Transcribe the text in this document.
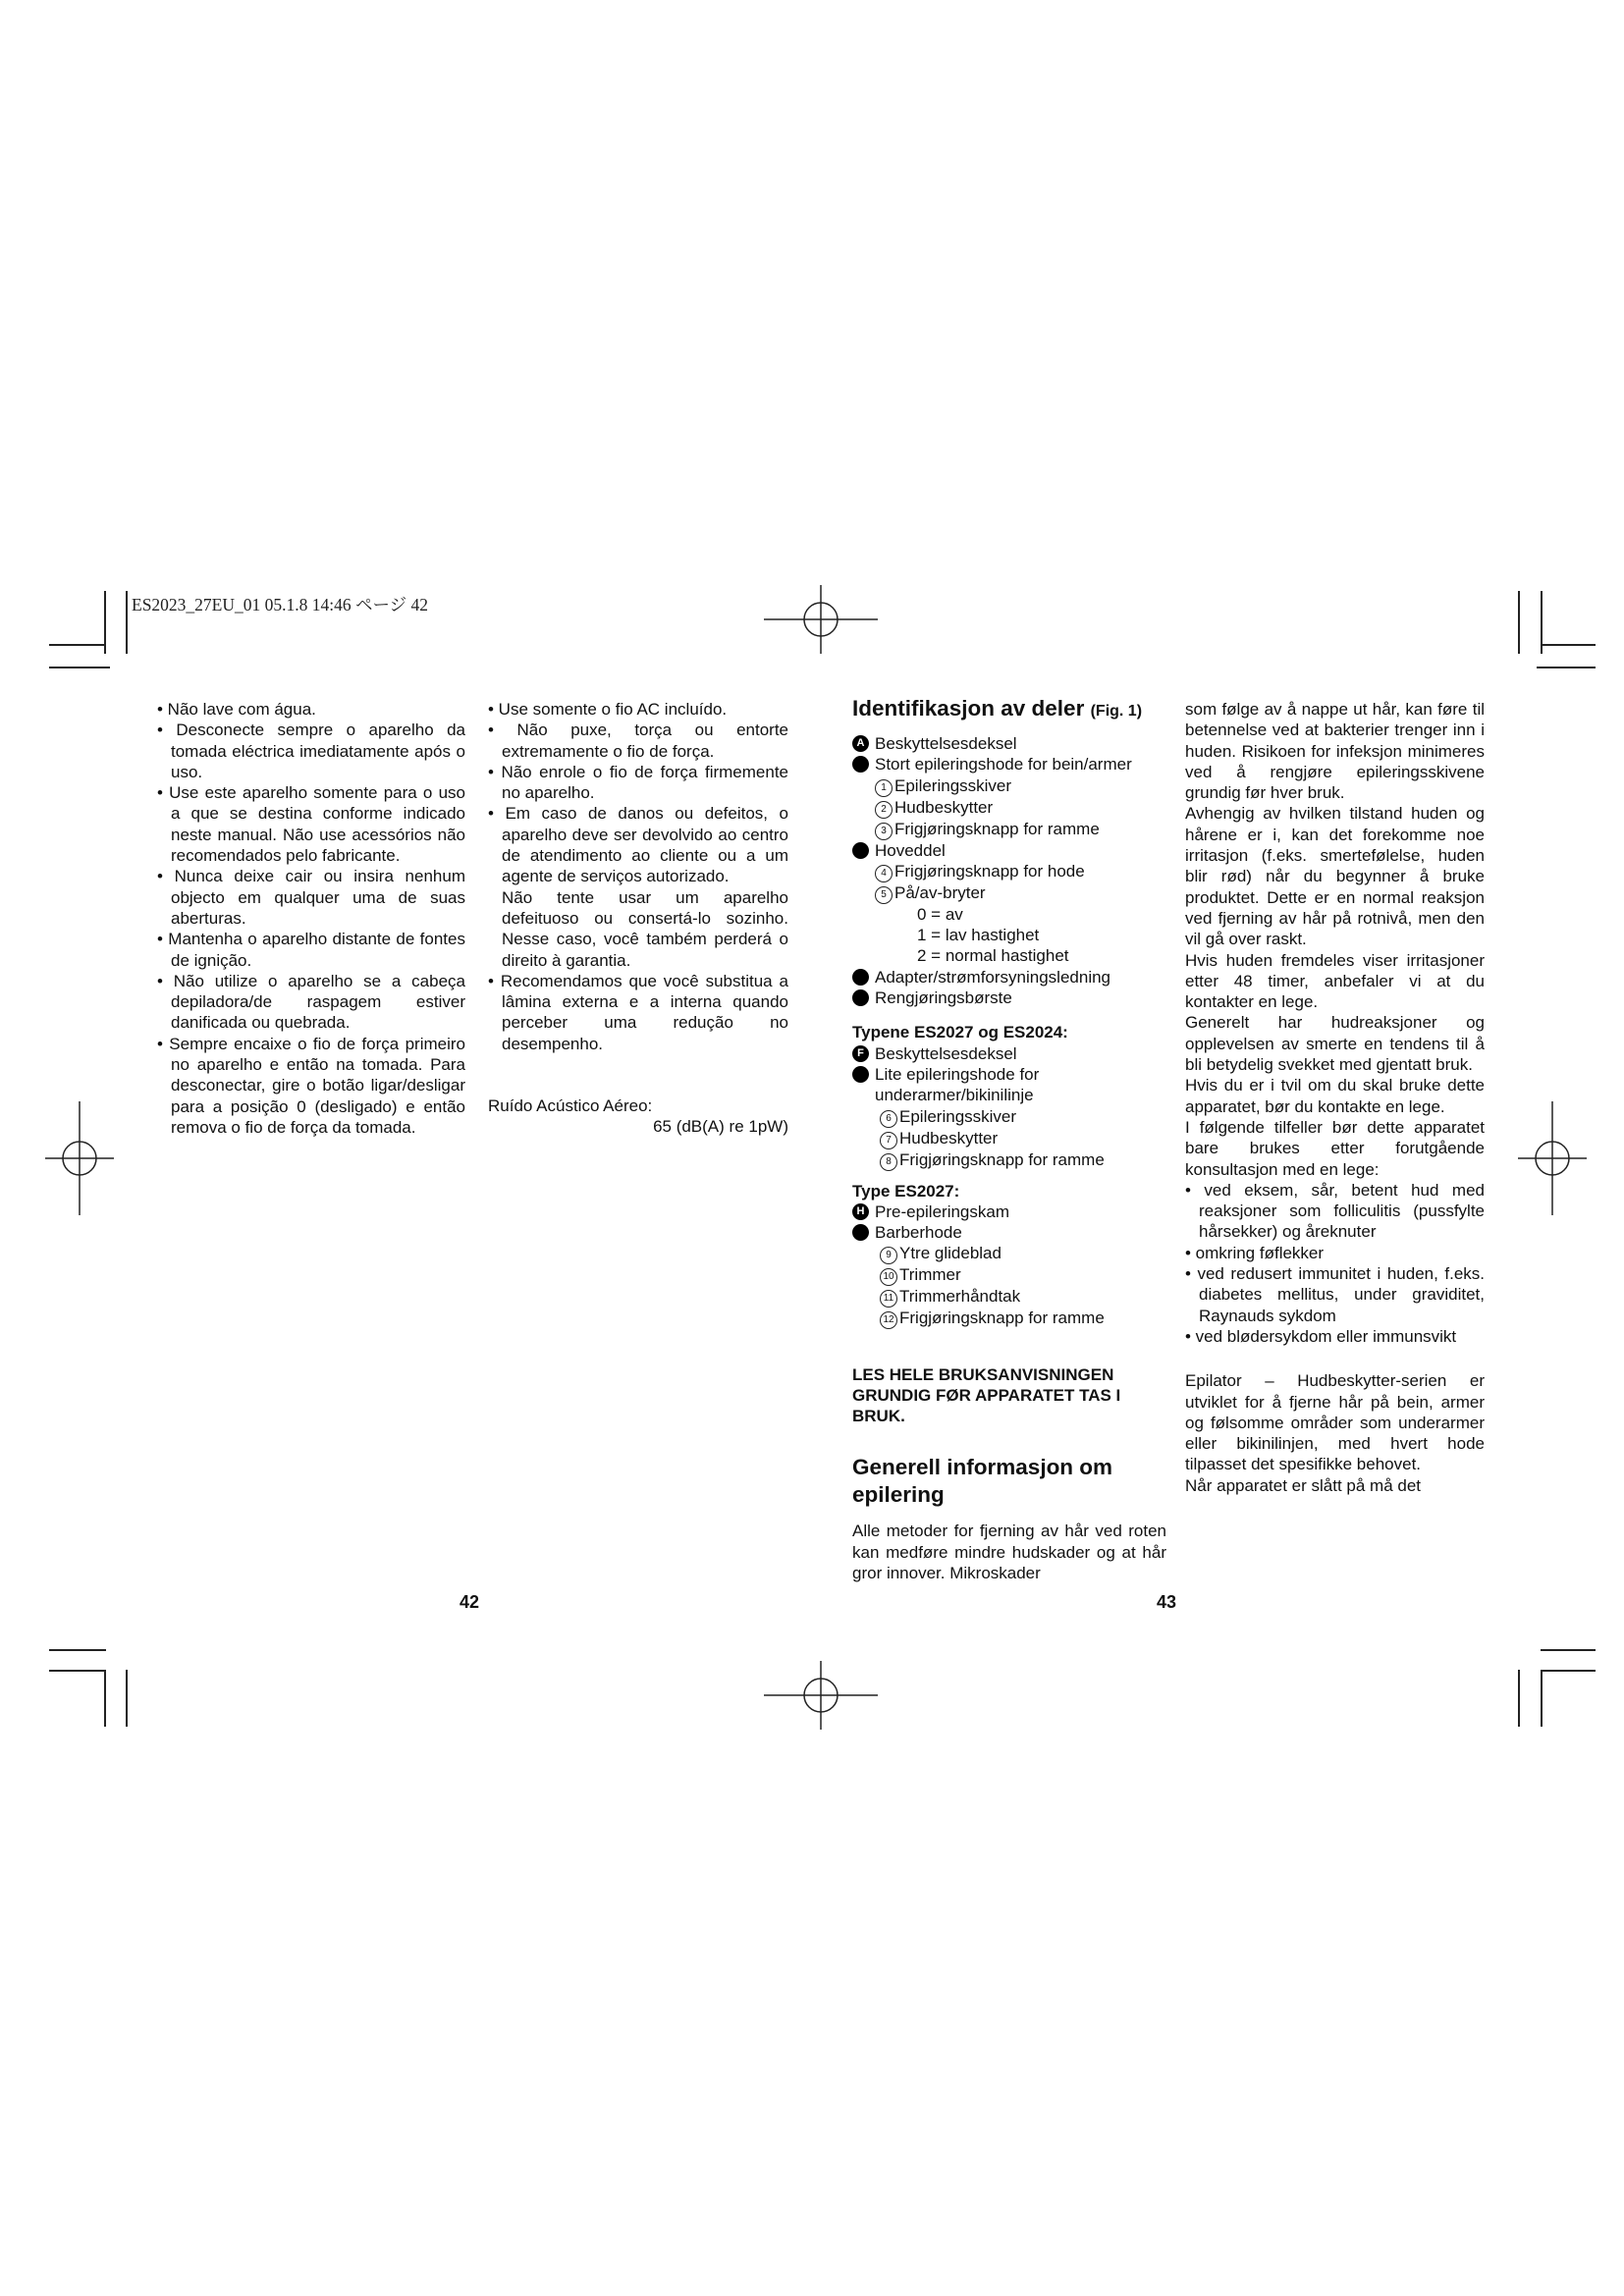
ES2023_27EU_01 05.1.8 14:46 ページ 42

• Não lave com água.

• Desconecte sempre o aparelho da tomada eléctrica imediatamente após o uso.

• Use este aparelho somente para o uso a que se destina conforme indicado neste manual. Não use acessórios não recomendados pelo fabricante.

• Nunca deixe cair ou insira nenhum objecto em qualquer uma de suas aberturas.

• Mantenha o aparelho distante de fontes de ignição.

• Não utilize o aparelho se a cabeça depiladora/de raspagem estiver danificada ou quebrada.

• Sempre encaixe o fio de força primeiro no aparelho e então na tomada. Para desconectar, gire o botão ligar/desligar para a posição 0 (desligado) e então remova o fio de força da tomada.

• Use somente o fio AC incluído.

• Não puxe, torça ou entorte extremamente o fio de força.

• Não enrole o fio de força firmemente no aparelho.

• Em caso de danos ou defeitos, o aparelho deve ser devolvido ao centro de atendimento ao cliente ou a um agente de serviços autorizado.

Não tente usar um aparelho defeituoso ou consertá-lo sozinho. Nesse caso, você também perderá o direito à garantia.

• Recomendamos que você substitua a lâmina externa e a interna quando perceber uma redução no desempenho.

Ruído Acústico Aéreo:

65 (dB(A) re 1pW)

42

Identifikasjon av deler (Fig. 1)

A Beskyttelsesdeksel
Stort epileringshode for bein/armer

1 Epileringsskiver

2 Hudbeskytter

3 Frigjøringsknapp for ramme

Hoveddel

4 Frigjøringsknapp for hode

5 På/av-bryter

0 = av

1 = lav hastighet

2 = normal hastighet

Adapter/strømforsyningsledning
Rengjøringsbørste

Typene ES2027 og ES2024:

F Beskyttelsesdeksel
Lite epileringshode for underarmer/bikinilinje

6 Epileringsskiver

7 Hudbeskytter

8 Frigjøringsknapp for ramme

Type ES2027:

H Pre-epileringskam
Barberhode

9 Ytre glideblad

10 Trimmer

11 Trimmerhåndtak

12 Frigjøringsknapp for ramme

LES HELE BRUKSANVISNINGEN GRUNDIG FØR APPARATET TAS I BRUK.

Generell informasjon om epilering

Alle metoder for fjerning av hår ved roten kan medføre mindre hudskader og at hår gror innover. Mikroskader

som følge av å nappe ut hår, kan føre til betennelse ved at bakterier trenger inn i huden. Risikoen for infeksjon minimeres ved å rengjøre epileringsskivene grundig før hver bruk.

Avhengig av hvilken tilstand huden og hårene er i, kan det forekomme noe irritasjon (f.eks. smertefølelse, huden blir rød) når du begynner å bruke produktet. Dette er en normal reaksjon ved fjerning av hår på rotnivå, men den vil gå over raskt.

Hvis huden fremdeles viser irritasjoner etter 48 timer, anbefaler vi at du kontakter en lege.

Generelt har hudreaksjoner og opplevelsen av smerte en tendens til å bli betydelig svekket med gjentatt bruk.

Hvis du er i tvil om du skal bruke dette apparatet, bør du kontakte en lege.

I følgende tilfeller bør dette apparatet bare brukes etter forutgående konsultasjon med en lege:

• ved eksem, sår, betent hud med reaksjoner som folliculitis (pussfylte hårsekker) og åreknuter

• omkring føflekker

• ved redusert immunitet i huden, f.eks. diabetes mellitus, under graviditet, Raynauds sykdom

• ved blødersykdom eller immunsvikt

Epilator – Hudbeskytter-serien er utviklet for å fjerne hår på bein, armer og følsomme områder som underarmer eller bikinilinjen, med hvert hode tilpasset det spesifikke behovet.

Når apparatet er slått på må det

43
